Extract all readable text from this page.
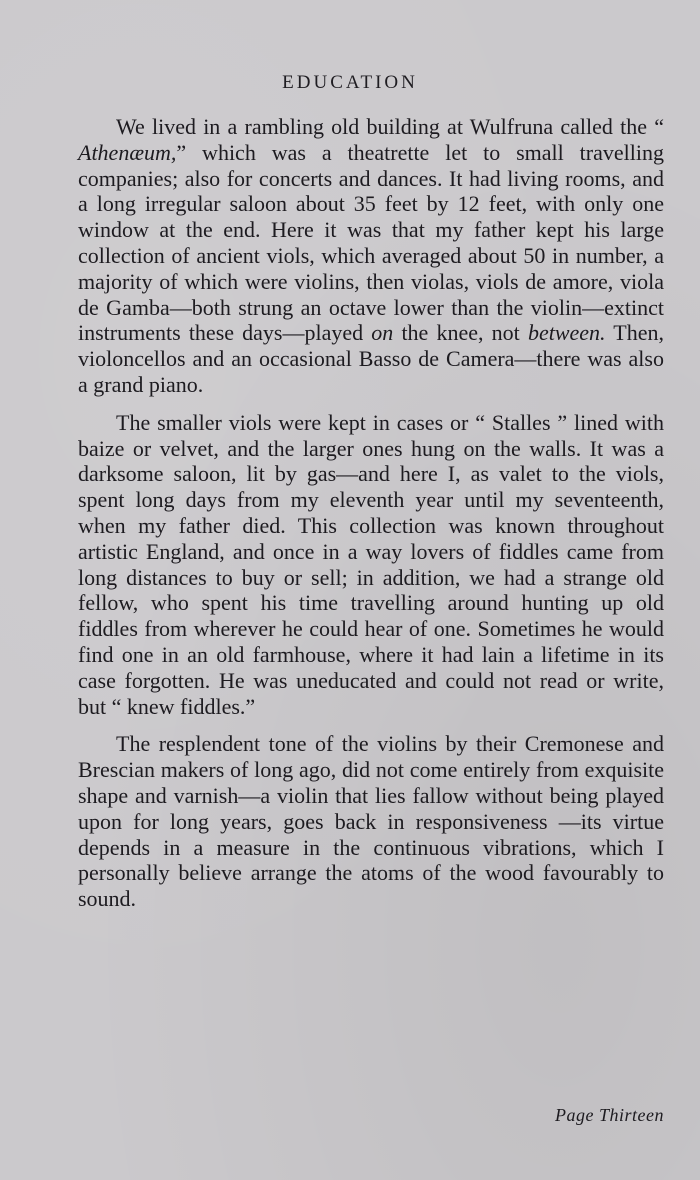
EDUCATION

We lived in a rambling old building at Wulfruna called the “ Athenæum,” which was a theatrette let to small travelling companies; also for concerts and dances. It had living rooms, and a long irregular saloon about 35 feet by 12 feet, with only one window at the end. Here it was that my father kept his large collection of ancient viols, which averaged about 50 in number, a majority of which were violins, then violas, viols de amore, viola de Gamba—both strung an octave lower than the violin—extinct instruments these days—played on the knee, not between. Then, violoncellos and an occasional Basso de Camera—there was also a grand piano.

The smaller viols were kept in cases or “ Stalles ” lined with baize or velvet, and the larger ones hung on the walls. It was a darksome saloon, lit by gas—and here I, as valet to the viols, spent long days from my eleventh year until my seventeenth, when my father died. This collection was known throughout artistic England, and once in a way lovers of fiddles came from long distances to buy or sell; in addition, we had a strange old fellow, who spent his time travelling around hunting up old fiddles from wherever he could hear of one. Sometimes he would find one in an old farmhouse, where it had lain a lifetime in its case forgotten. He was uneducated and could not read or write, but “ knew fiddles.”

The resplendent tone of the violins by their Cremonese and Brescian makers of long ago, did not come entirely from exquisite shape and varnish—a violin that lies fallow without being played upon for long years, goes back in responsiveness —its virtue depends in a measure in the continuous vibrations, which I personally believe arrange the atoms of the wood favourably to sound.

Page Thirteen
